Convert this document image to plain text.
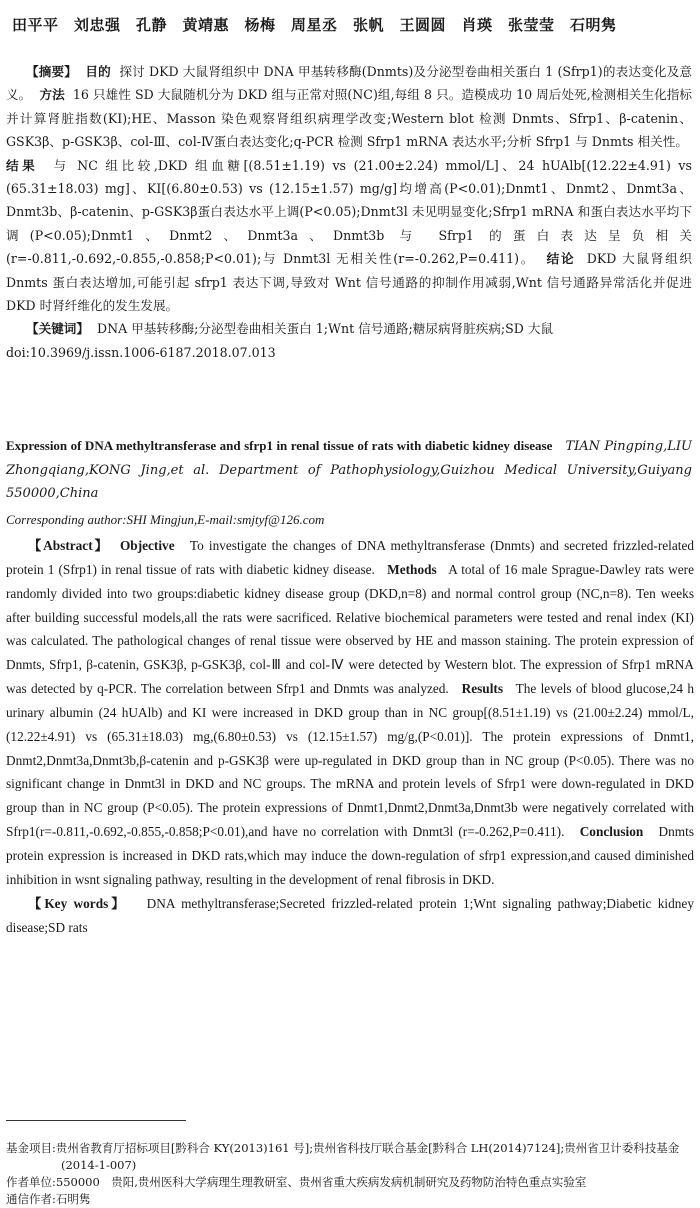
田平平　刘忠强　孔静　黄靖惠　杨梅　周星丞　张帆　王圆圆　肖瑛　张莹莹　石明隽

【摘要】 目的 探讨 DKD 大鼠肾组织中 DNA 甲基转移酶(Dnmts)及分泌型卷曲相关蛋白 1 (Sfrp1)的表达变化及意义。 方法 16 只雄性 SD 大鼠随机分为 DKD 组与正常对照(NC)组,每组 8 只。造模成功 10 周后处死,检测相关生化指标并计算肾脏指数(KI);HE、Masson 染色观察肾组织病理学改变;Western blot 检测 Dnmts、Sfrp1、β-catenin、GSK3β、p-GSK3β、col-Ⅲ、col-Ⅳ蛋白表达变化;q-PCR 检测 Sfrp1 mRNA 表达水平;分析 Sfrp1 与 Dnmts 相关性。  结果 与 NC 组比较,DKD 组血糖[(8.51±1.19) vs (21.00±2.24) mmol/L]、24 hUAlb[(12.22±4.91) vs (65.31±18.03) mg]、KI[(6.80±0.53) vs (12.15±1.57) mg/g]均增高(P<0.01);Dnmt1、Dnmt2、Dnmt3a、Dnmt3b、β-catenin、p-GSK3β蛋白表达水平上调(P<0.05);Dnmt3l 未见明显变化;Sfrp1 mRNA 和蛋白表达水平均下调(P<0.05);Dnmt1、Dnmt2、Dnmt3a、Dnmt3b 与 Sfrp1 的蛋白表达呈负相关(r=-0.811,-0.692,-0.855,-0.858;P<0.01);与 Dnmt3l 无相关性(r=-0.262,P=0.411)。 结论 DKD 大鼠肾组织 Dnmts 蛋白表达增加,可能引起 sfrp1 表达下调,导致对 Wnt 信号通路的抑制作用减弱,Wnt 信号通路异常活化并促进 DKD 时肾纤维化的发生发展。

【关键词】 DNA 甲基转移酶;分泌型卷曲相关蛋白 1;Wnt 信号通路;糖尿病肾脏疾病;SD 大鼠

doi:10.3969/j.issn.1006-6187.2018.07.013

Expression of DNA methyltransferase and sfrp1 in renal tissue of rats with diabetic kidney disease TIAN Pingping,LIU Zhongqiang,KONG Jing,et al. Department of Pathophysiology,Guizhou Medical University,Guiyang 550000,China
Corresponding author:SHI Mingjun,E-mail:smjtyf@126.com

【Abstract】 Objective To investigate the changes of DNA methyltransferase (Dnmts) and secreted frizzled-related protein 1 (Sfrp1) in renal tissue of rats with diabetic kidney disease. Methods A total of 16 male Sprague-Dawley rats were randomly divided into two groups:diabetic kidney disease group (DKD,n=8) and normal control group (NC,n=8). Ten weeks after building successful models,all the rats were sacrificed. Relative biochemical parameters were tested and renal index (KI) was calculated. The pathological changes of renal tissue were observed by HE and masson staining. The protein expression of Dnmts, Sfrp1, β-catenin, GSK3β, p-GSK3β, col-Ⅲ and col-Ⅳ were detected by Western blot. The expression of Sfrp1 mRNA was detected by q-PCR. The correlation between Sfrp1 and Dnmts was analyzed. Results The levels of blood glucose,24 h urinary albumin (24 hUAlb) and KI were increased in DKD group than in NC group[(8.51±1.19) vs (21.00±2.24) mmol/L,(12.22±4.91) vs (65.31±18.03) mg,(6.80±0.53) vs (12.15±1.57) mg/g,(P<0.01)]. The protein expressions of Dnmt1, Dnmt2,Dnmt3a,Dnmt3b,β-catenin and p-GSK3β were up-regulated in DKD group than in NC group (P<0.05). There was no significant change in Dnmt3l in DKD and NC groups. The mRNA and protein levels of Sfrp1 were down-regulated in DKD group than in NC group (P<0.05). The protein expressions of Dnmt1,Dnmt2,Dnmt3a,Dnmt3b were negatively correlated with Sfrp1(r=-0.811,-0.692,-0.855,-0.858;P<0.01),and have no correlation with Dnmt3l (r=-0.262,P=0.411). Conclusion Dnmts protein expression is increased in DKD rats,which may induce the down-regulation of sfrp1 expression,and caused diminished inhibition in wsnt signaling pathway, resulting in the development of renal fibrosis in DKD.

【Key words】 DNA methyltransferase;Secreted frizzled-related protein 1;Wnt signaling pathway;Diabetic kidney disease;SD rats

基金项目:贵州省教育厅招标项目[黔科合 KY(2013)161 号];贵州省科技厅联合基金[黔科合 LH(2014)7124];贵州省卫计委科技基金(2014-1-007)

作者单位:550000　贵阳,贵州医科大学病理生理教研室、贵州省重大疾病发病机制研究及药物防治特色重点实验室

通信作者:石明隽
